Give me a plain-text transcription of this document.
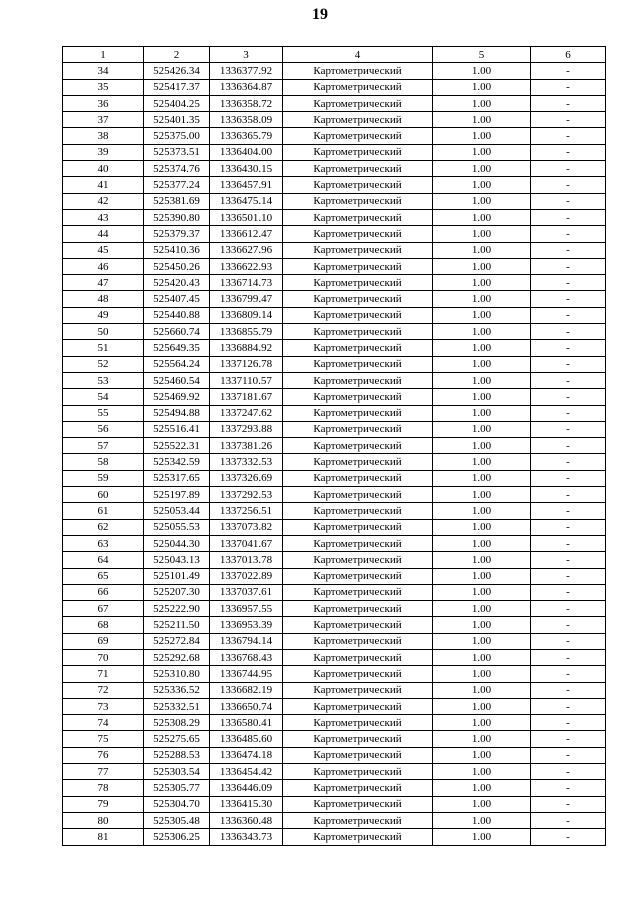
19
1	2	3	4	5	6
34	525426.34	1336377.92	Картометрический	1.00	-
35	525417.37	1336364.87	Картометрический	1.00	-
36	525404.25	1336358.72	Картометрический	1.00	-
37	525401.35	1336358.09	Картометрический	1.00	-
38	525375.00	1336365.79	Картометрический	1.00	-
39	525373.51	1336404.00	Картометрический	1.00	-
40	525374.76	1336430.15	Картометрический	1.00	-
41	525377.24	1336457.91	Картометрический	1.00	-
42	525381.69	1336475.14	Картометрический	1.00	-
43	525390.80	1336501.10	Картометрический	1.00	-
44	525379.37	1336612.47	Картометрический	1.00	-
45	525410.36	1336627.96	Картометрический	1.00	-
46	525450.26	1336622.93	Картометрический	1.00	-
47	525420.43	1336714.73	Картометрический	1.00	-
48	525407.45	1336799.47	Картометрический	1.00	-
49	525440.88	1336809.14	Картометрический	1.00	-
50	525660.74	1336855.79	Картометрический	1.00	-
51	525649.35	1336884.92	Картометрический	1.00	-
52	525564.24	1337126.78	Картометрический	1.00	-
53	525460.54	1337110.57	Картометрический	1.00	-
54	525469.92	1337181.67	Картометрический	1.00	-
55	525494.88	1337247.62	Картометрический	1.00	-
56	525516.41	1337293.88	Картометрический	1.00	-
57	525522.31	1337381.26	Картометрический	1.00	-
58	525342.59	1337332.53	Картометрический	1.00	-
59	525317.65	1337326.69	Картометрический	1.00	-
60	525197.89	1337292.53	Картометрический	1.00	-
61	525053.44	1337256.51	Картометрический	1.00	-
62	525055.53	1337073.82	Картометрический	1.00	-
63	525044.30	1337041.67	Картометрический	1.00	-
64	525043.13	1337013.78	Картометрический	1.00	-
65	525101.49	1337022.89	Картометрический	1.00	-
66	525207.30	1337037.61	Картометрический	1.00	-
67	525222.90	1336957.55	Картометрический	1.00	-
68	525211.50	1336953.39	Картометрический	1.00	-
69	525272.84	1336794.14	Картометрический	1.00	-
70	525292.68	1336768.43	Картометрический	1.00	-
71	525310.80	1336744.95	Картометрический	1.00	-
72	525336.52	1336682.19	Картометрический	1.00	-
73	525332.51	1336650.74	Картометрический	1.00	-
74	525308.29	1336580.41	Картометрический	1.00	-
75	525275.65	1336485.60	Картометрический	1.00	-
76	525288.53	1336474.18	Картометрический	1.00	-
77	525303.54	1336454.42	Картометрический	1.00	-
78	525305.77	1336446.09	Картометрический	1.00	-
79	525304.70	1336415.30	Картометрический	1.00	-
80	525305.48	1336360.48	Картометрический	1.00	-
81	525306.25	1336343.73	Картометрический	1.00	-
